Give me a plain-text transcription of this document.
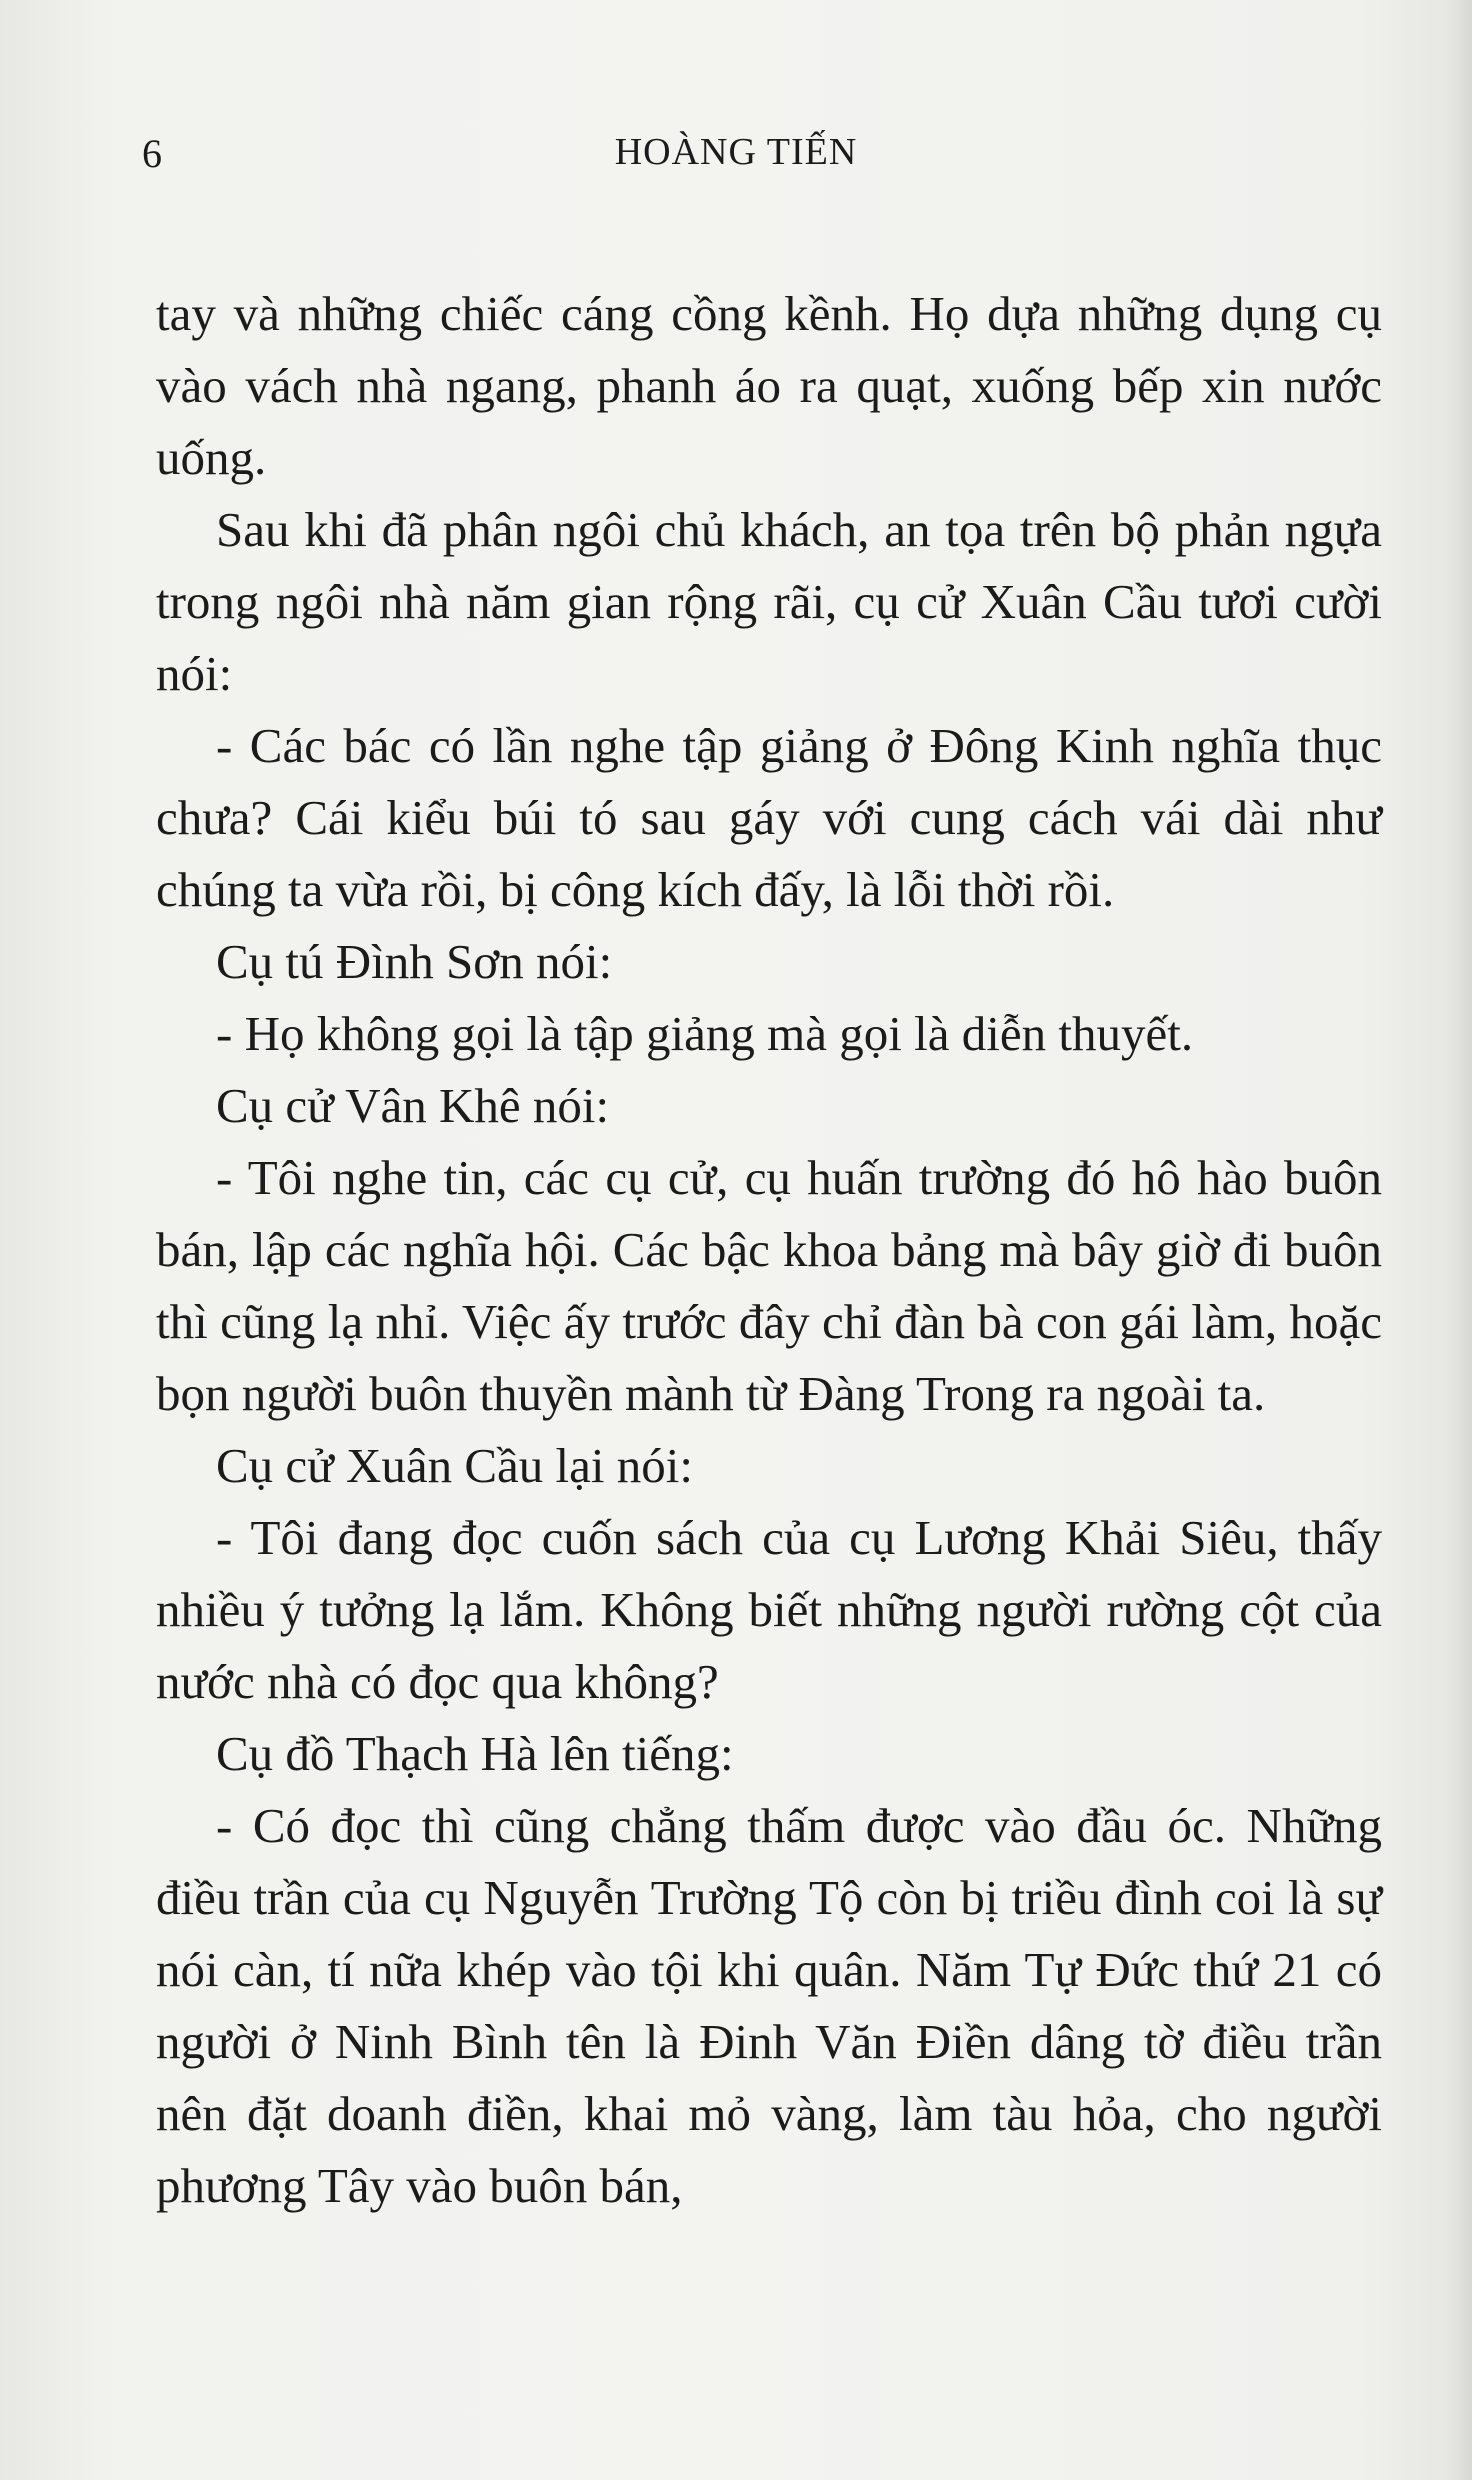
6	HOÀNG TIẾN

tay và những chiếc cáng cồng kềnh. Họ dựa những dụng cụ vào vách nhà ngang, phanh áo ra quạt, xuống bếp xin nước uống.

Sau khi đã phân ngôi chủ khách, an tọa trên bộ phản ngựa trong ngôi nhà năm gian rộng rãi, cụ cử Xuân Cầu tươi cười nói:

- Các bác có lần nghe tập giảng ở Đông Kinh nghĩa thục chưa? Cái kiểu búi tó sau gáy với cung cách vái dài như chúng ta vừa rồi, bị công kích đấy, là lỗi thời rồi.

Cụ tú Đình Sơn nói:

- Họ không gọi là tập giảng mà gọi là diễn thuyết.

Cụ cử Vân Khê nói:

- Tôi nghe tin, các cụ cử, cụ huấn trường đó hô hào buôn bán, lập các nghĩa hội. Các bậc khoa bảng mà bây giờ đi buôn thì cũng lạ nhỉ. Việc ấy trước đây chỉ đàn bà con gái làm, hoặc bọn người buôn thuyền mành từ Đàng Trong ra ngoài ta.

Cụ cử Xuân Cầu lại nói:

- Tôi đang đọc cuốn sách của cụ Lương Khải Siêu, thấy nhiều ý tưởng lạ lắm. Không biết những người rường cột của nước nhà có đọc qua không?

Cụ đồ Thạch Hà lên tiếng:

- Có đọc thì cũng chẳng thấm được vào đầu óc. Những điều trần của cụ Nguyễn Trường Tộ còn bị triều đình coi là sự nói càn, tí nữa khép vào tội khi quân. Năm Tự Đức thứ 21 có người ở Ninh Bình tên là Đinh Văn Điền dâng tờ điều trần nên đặt doanh điền, khai mỏ vàng, làm tàu hỏa, cho người phương Tây vào buôn bán,
